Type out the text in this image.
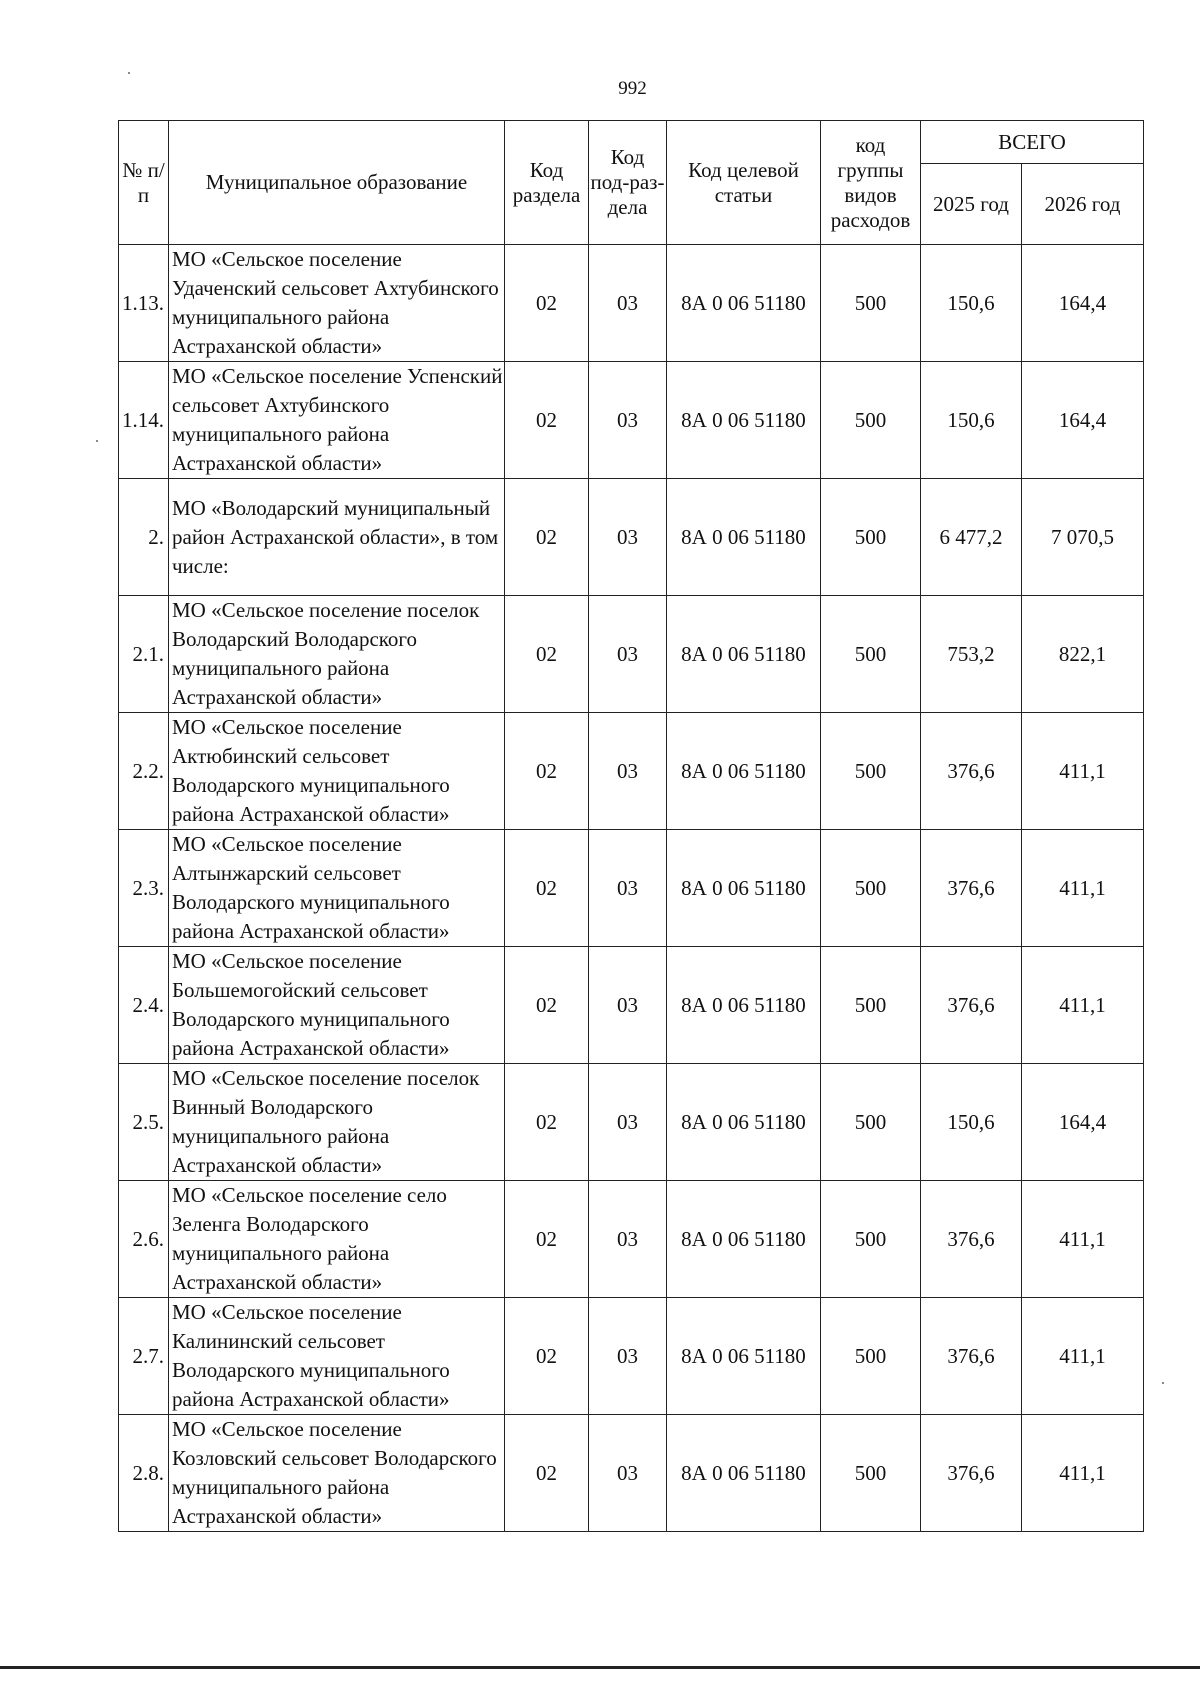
992
№ п/п	Муниципальное образование	Код раздела	Код под-раз-дела	Код целевой статьи	код группы видов расходов	ВСЕГО	
						2025 год	2026 год
1.13.	МО «Сельское поселение Удаченский сельсовет Ахтубинского муниципального района Астраханской области»	02	03	8А 0 06 51180	500	150,6	164,4
1.14.	МО «Сельское поселение Успенский сельсовет Ахтубинского муниципального района Астраханской области»	02	03	8А 0 06 51180	500	150,6	164,4
2.	МО «Володарский муниципальный район Астраханской области», в том числе:	02	03	8А 0 06 51180	500	6 477,2	7 070,5
2.1.	МО «Сельское поселение поселок Володарский Володарского муниципального района Астраханской области»	02	03	8А 0 06 51180	500	753,2	822,1
2.2.	МО «Сельское поселение Актюбинский сельсовет Володарского муниципального района Астраханской области»	02	03	8А 0 06 51180	500	376,6	411,1
2.3.	МО «Сельское поселение Алтынжарский сельсовет Володарского муниципального района Астраханской области»	02	03	8А 0 06 51180	500	376,6	411,1
2.4.	МО «Сельское поселение Большемогойский сельсовет Володарского муниципального района Астраханской области»	02	03	8А 0 06 51180	500	376,6	411,1
2.5.	МО «Сельское поселение поселок Винный Володарского муниципального района Астраханской области»	02	03	8А 0 06 51180	500	150,6	164,4
2.6.	МО «Сельское поселение село Зеленга Володарского муниципального района Астраханской области»	02	03	8А 0 06 51180	500	376,6	411,1
2.7.	МО «Сельское поселение Калининский сельсовет Володарского муниципального района Астраханской области»	02	03	8А 0 06 51180	500	376,6	411,1
2.8.	МО «Сельское поселение Козловский сельсовет Володарского муниципального района Астраханской области»	02	03	8А 0 06 51180	500	376,6	411,1
